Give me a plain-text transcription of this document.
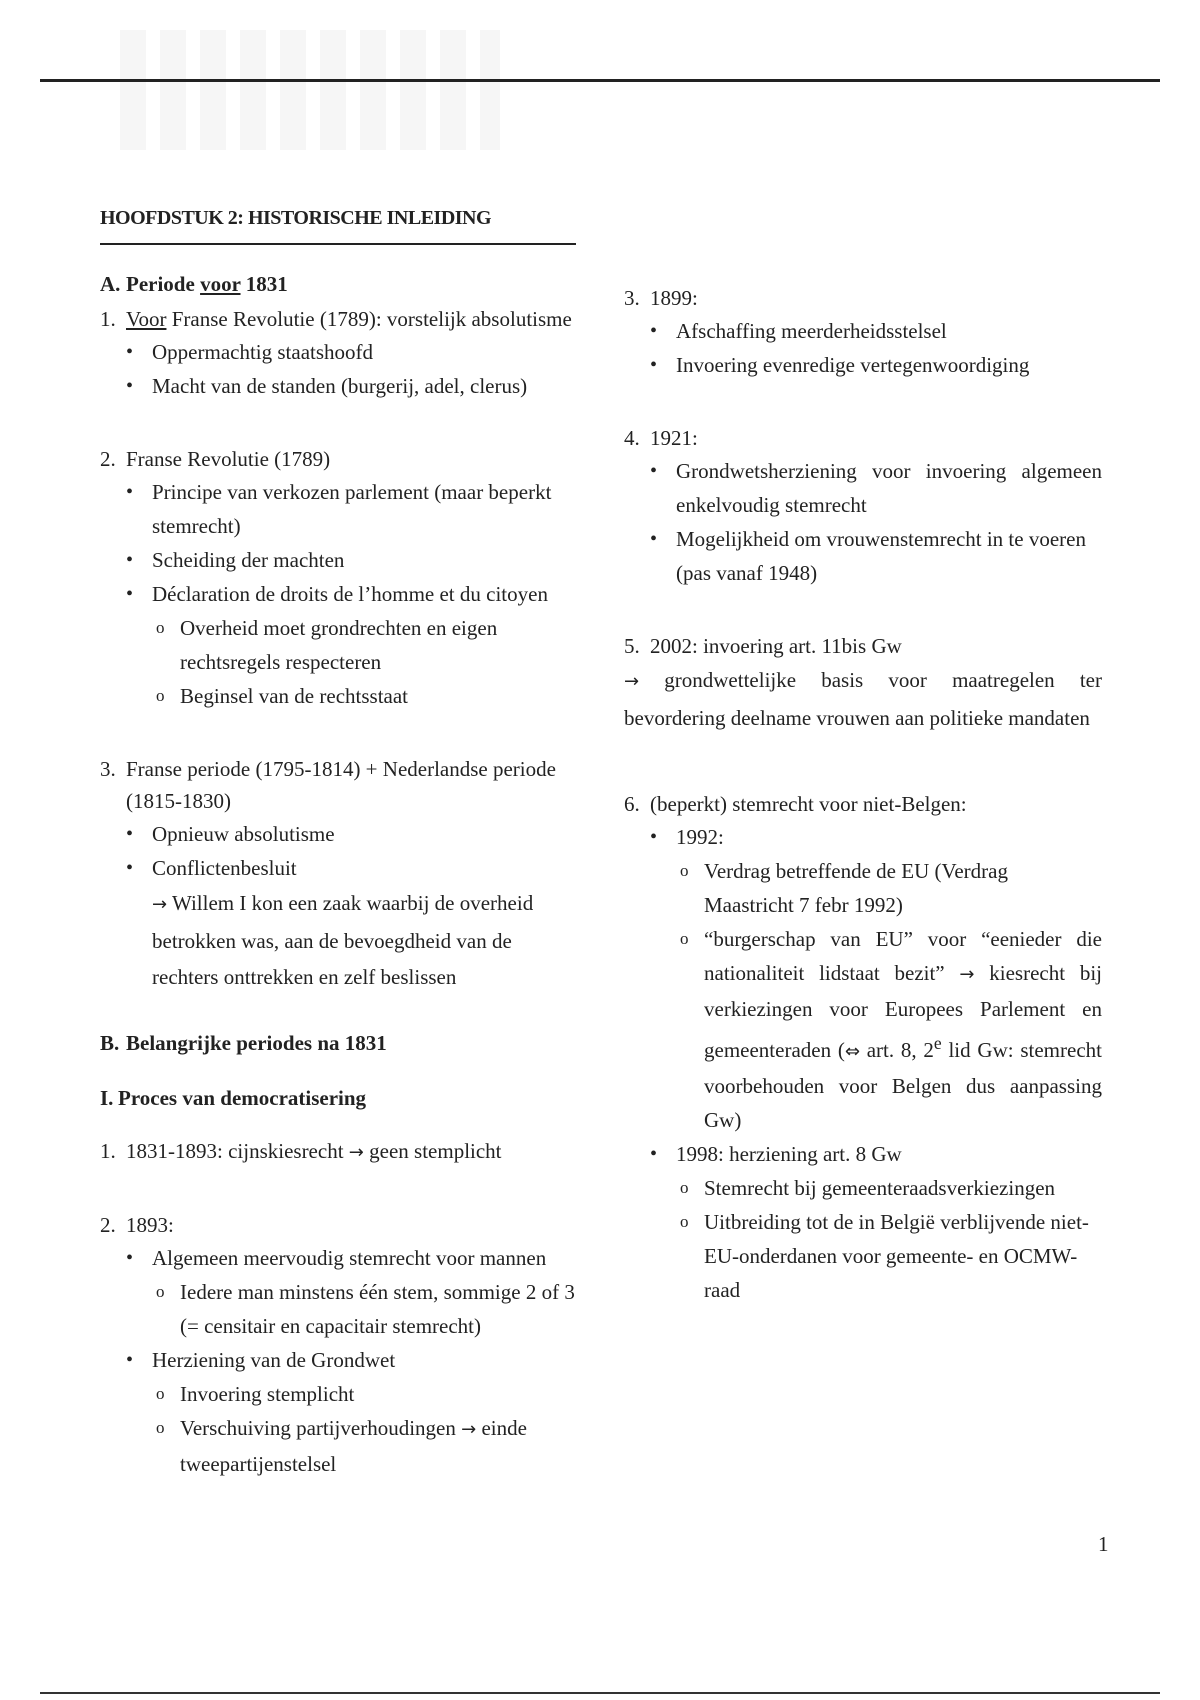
HOOFDSTUK 2: HISTORISCHE INLEIDING
A. Periode voor 1831
1. Voor Franse Revolutie (1789): vorstelijk absolutisme
• Oppermachtig staatshoofd
• Macht van de standen (burgerij, adel, clerus)
2. Franse Revolutie (1789)
• Principe van verkozen parlement (maar beperkt stemrecht)
• Scheiding der machten
• Déclaration de droits de l’homme et du citoyen
o Overheid moet grondrechten en eigen rechtsregels respecteren
o Beginsel van de rechtsstaat
3. Franse periode (1795-1814) + Nederlandse periode (1815-1830)
• Opnieuw absolutisme
• Conflictenbesluit
→ Willem I kon een zaak waarbij de overheid betrokken was, aan de bevoegdheid van de rechters onttrekken en zelf beslissen
B. Belangrijke periodes na 1831
I. Proces van democratisering
1. 1831-1893: cijnskiesrecht → geen stemplicht
2. 1893:
• Algemeen meervoudig stemrecht voor mannen
o Iedere man minstens één stem, sommige 2 of 3 (= censitair en capacitair stemrecht)
• Herziening van de Grondwet
o Invoering stemplicht
o Verschuiving partijverhoudingen → einde tweepartijenstelsel
3. 1899:
• Afschaffing meerderheidsstelsel
• Invoering evenredige vertegenwoordiging
4. 1921:
• Grondwetsherziening voor invoering algemeen enkelvoudig stemrecht
• Mogelijkheid om vrouwenstemrecht in te voeren (pas vanaf 1948)
5. 2002: invoering art. 11bis Gw
→ grondwettelijke basis voor maatregelen ter bevordering deelname vrouwen aan politieke mandaten
6. (beperkt) stemrecht voor niet-Belgen:
• 1992:
o Verdrag betreffende de EU (Verdrag Maastricht 7 febr 1992)
o “burgerschap van EU” voor “eenieder die nationaliteit lidstaat bezit” → kiesrecht bij verkiezingen voor Europees Parlement en gemeenteraden (⇔ art. 8, 2e lid Gw: stemrecht voorbehouden voor Belgen dus aanpassing Gw)
• 1998: herziening art. 8 Gw
o Stemrecht bij gemeenteraadsverkiezingen
o Uitbreiding tot de in België verblijvende niet-EU-onderdanen voor gemeente- en OCMW-raad
1
